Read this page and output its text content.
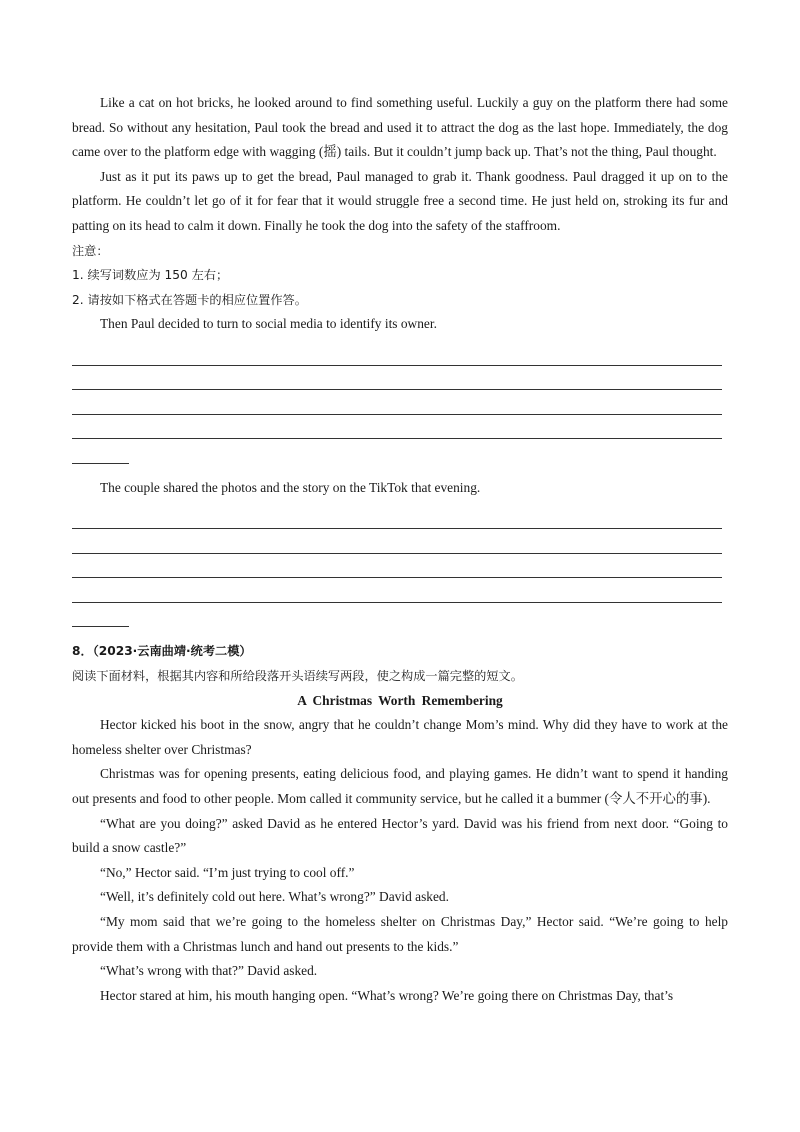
Like a cat on hot bricks, he looked around to find something useful. Luckily a guy on the platform there had some bread. So without any hesitation, Paul took the bread and used it to attract the dog as the last hope. Immediately, the dog came over to the platform edge with wagging (摇) tails. But it couldn’t jump back up. That’s not the thing, Paul thought.

Just as it put its paws up to get the bread, Paul managed to grab it. Thank goodness. Paul dragged it up on to the platform. He couldn’t let go of it for fear that it would struggle free a second time. He just held on, stroking its fur and patting on its head to calm it down. Finally he took the dog into the safety of the staffroom.

注意：

1. 续写词数应为 150 左右；

2. 请按如下格式在答题卡的相应位置作答。

Then Paul decided to turn to social media to identify its owner.

The couple shared the photos and the story on the TikTok that evening.

8．（2023·云南曲靖·统考二模）

阅读下面材料，根据其内容和所给段落开头语续写两段，使之构成一篇完整的短文。

A Christmas Worth Remembering

Hector kicked his boot in the snow, angry that he couldn’t change Mom’s mind. Why did they have to work at the homeless shelter over Christmas?

Christmas was for opening presents, eating delicious food, and playing games. He didn’t want to spend it handing out presents and food to other people. Mom called it community service, but he called it a bummer (令人不开心的事).

“What are you doing?” asked David as he entered Hector’s yard. David was his friend from next door. “Going to build a snow castle?”

“No,” Hector said. “I’m just trying to cool off.”

“Well, it’s definitely cold out here. What’s wrong?” David asked.

“My mom said that we’re going to the homeless shelter on Christmas Day,” Hector said. “We’re going to help provide them with a Christmas lunch and hand out presents to the kids.”

“What’s wrong with that?” David asked.

Hector stared at him, his mouth hanging open. “What’s wrong? We’re going there on Christmas Day, that’s
